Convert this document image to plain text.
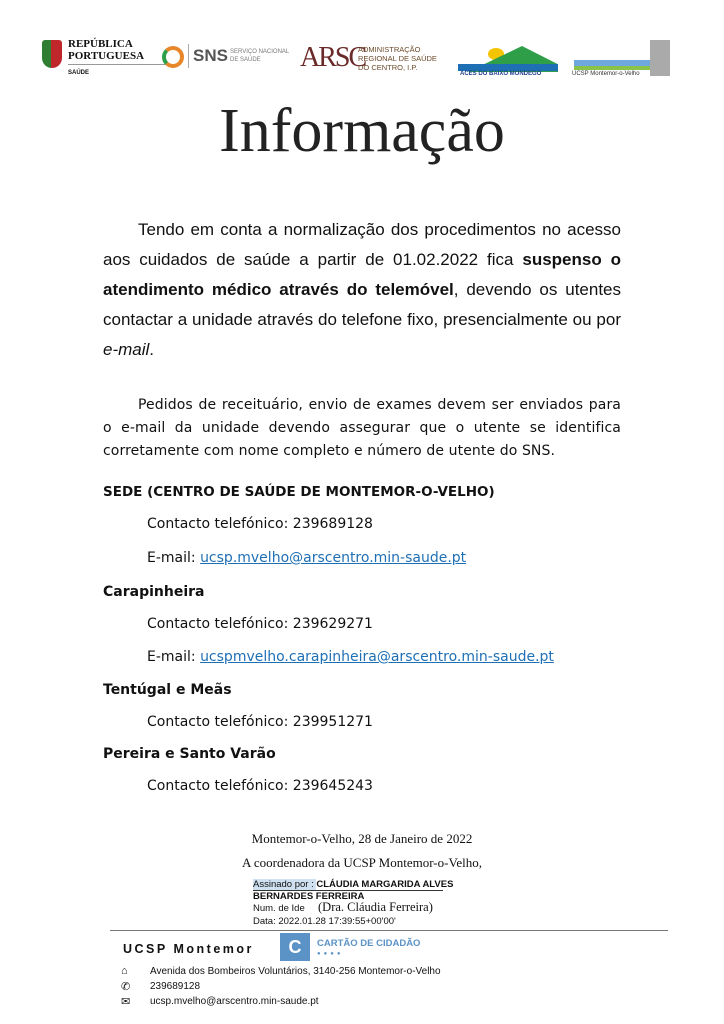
REPÚBLICA PORTUGUESA
SAÚDE
SNS SERVIÇO NACIONAL DE SAÚDE	ARSC
ADMINISTRAÇÃO REGIONAL DE SAÚDE DO CENTRO, I.P.
ACES DO BAIXO MONDEGO	UCSP Montemor-o-Velho
Informação

Tendo em conta a normalização dos procedimentos no acesso aos cuidados de saúde a partir de 01.02.2022 fica suspenso o atendimento médico através do telemóvel, devendo os utentes contactar a unidade através do telefone fixo, presencialmente ou por e-mail.

Pedidos de receituário, envio de exames devem ser enviados para o e-mail da unidade devendo assegurar que o utente se identifica corretamente com nome completo e número de utente do SNS.

SEDE (CENTRO DE SAÚDE DE MONTEMOR-O-VELHO)
Contacto telefónico: 239689128
E-mail: ucsp.mvelho@arscentro.min-saude.pt
Carapinheira
Contacto telefónico: 239629271
E-mail: ucspmvelho.carapinheira@arscentro.min-saude.pt
Tentúgal e Meãs
Contacto telefónico: 239951271
Pereira e Santo Varão
Contacto telefónico: 239645243
Montemor-o-Velho, 28 de Janeiro de 2022
A coordenadora da UCSP Montemor-o-Velho,
Assinado por : CLÁUDIA MARGARIDA ALVES
BERNARDES FERREIRA
Num. de Ide (Dra. Cláudia Ferreira)
Data: 2022.01.28 17:39:55+00'00'
UCSP Montemor	C	CARTÃO DE CIDADÃO
●●●●
⌂ Avenida dos Bombeiros Voluntários, 3140-256 Montemor-o-Velho
✆ 239689128
✉ ucsp.mvelho@arscentro.min-saude.pt
